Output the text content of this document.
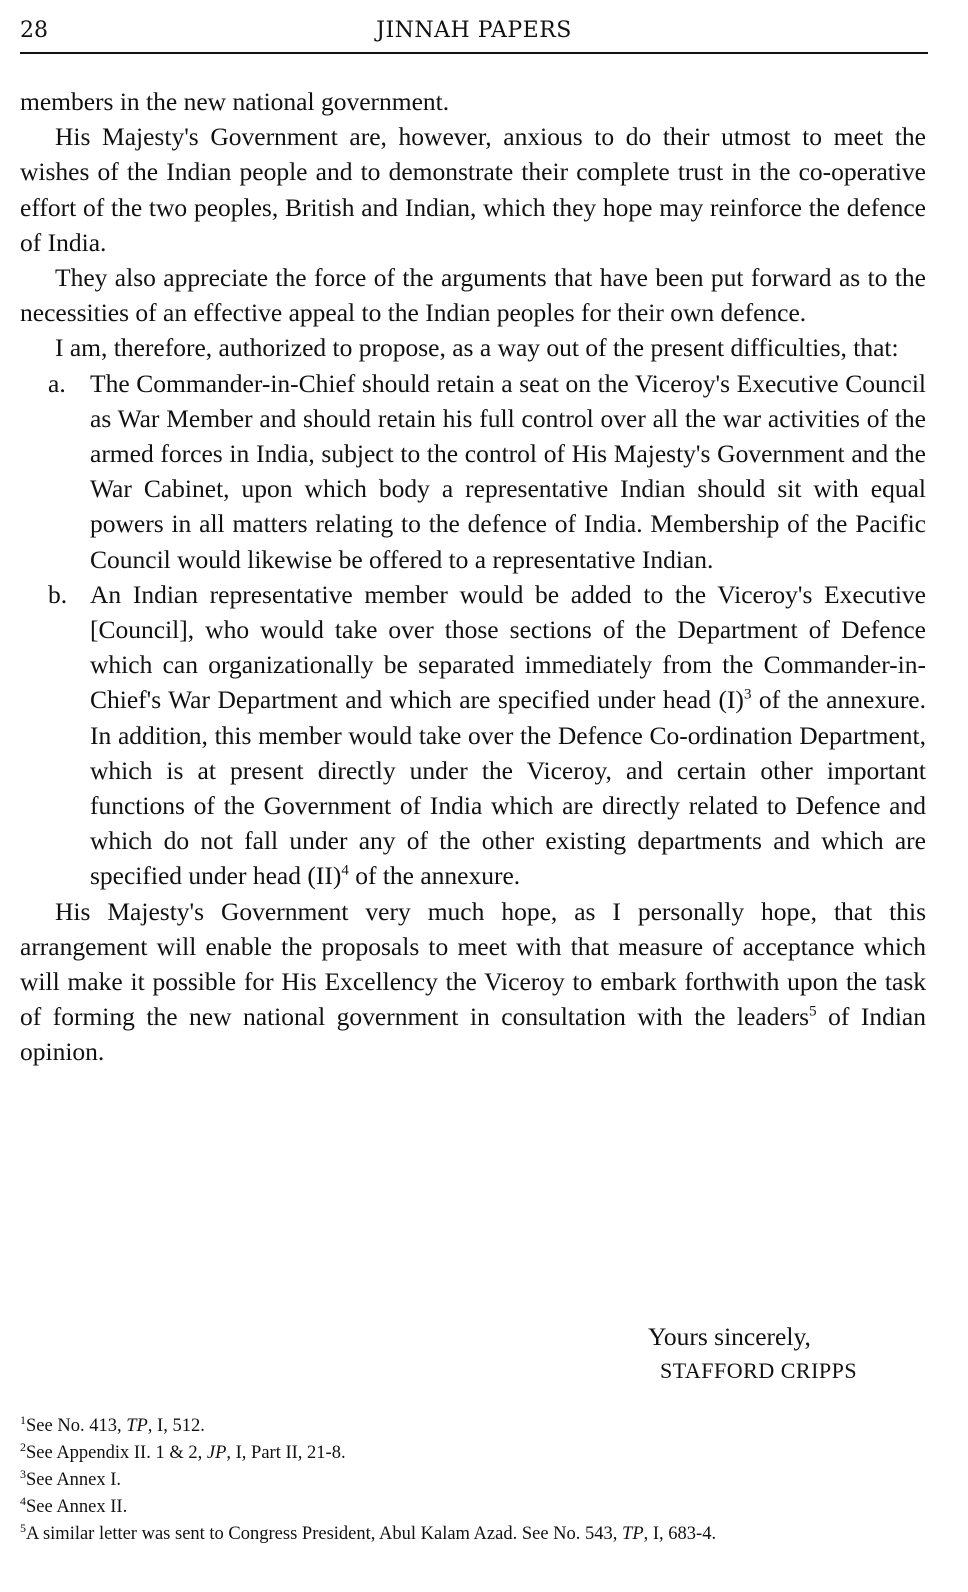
28	JINNAH PAPERS

members in the new national government.

His Majesty's Government are, however, anxious to do their utmost to meet the wishes of the Indian people and to demonstrate their complete trust in the co-operative effort of the two peoples, British and Indian, which they hope may reinforce the defence of India.

They also appreciate the force of the arguments that have been put forward as to the necessities of an effective appeal to the Indian peoples for their own defence.

I am, therefore, authorized to propose, as a way out of the present difficulties, that:

a. The Commander-in-Chief should retain a seat on the Viceroy's Executive Council as War Member and should retain his full control over all the war activities of the armed forces in India, subject to the control of His Majesty's Government and the War Cabinet, upon which body a representative Indian should sit with equal powers in all matters relating to the defence of India. Membership of the Pacific Council would likewise be offered to a representative Indian.
b. An Indian representative member would be added to the Viceroy's Executive [Council], who would take over those sections of the Department of Defence which can organizationally be separated immediately from the Commander-in-Chief's War Department and which are specified under head $(I)^3$ of the annexure. In addition, this member would take over the Defence Co-ordination Department, which is at present directly under the Viceroy, and certain other important functions of the Government of India which are directly related to Defence and which do not fall under any of the other existing departments and which are specified under head (II)$^4$ of the annexure.

His Majesty's Government very much hope, as I personally hope, that this arrangement will enable the proposals to meet with that measure of acceptance which will make it possible for His Excellency the Viceroy to embark forthwith upon the task of forming the new national government in consultation with the leaders$^5$ of Indian opinion.

Yours sincerely,
STAFFORD CRIPPS
$^1$See No. 413, TP, I, 512.
$^2$See Appendix II. 1 & 2, JP, I, Part II, 21-8.
$^3$See Annex I.
$^4$See Annex II.
$^5$A similar letter was sent to Congress President, Abul Kalam Azad. See No. 543, TP, I, 683-4.
